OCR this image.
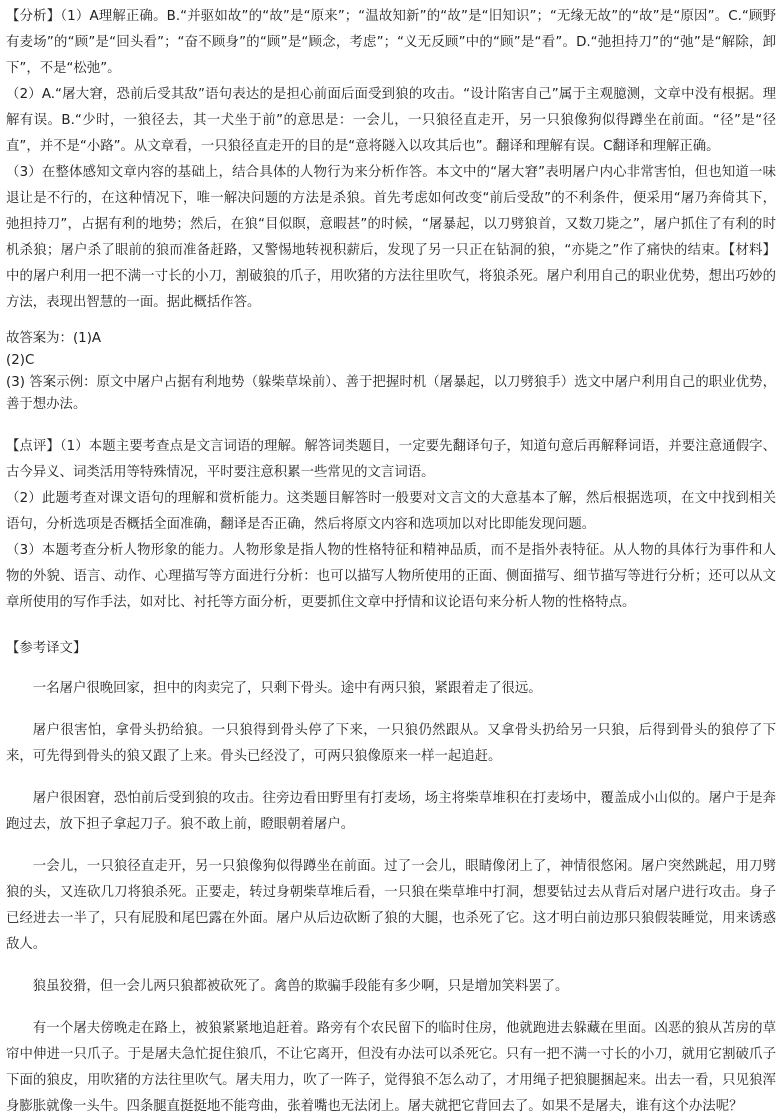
【分析】（1）A理解正确。B.“并驱如故”的“故”是“原来”；“温故知新”的“故”是“旧知识”；“无缘无故”的“故”是“原因”。C.“顾野有麦场”的“顾”是“回头看”；“奋不顾身”的“顾”是“顾念，考虑”；“义无反顾”中的“顾”是“看”。D.“弛担持刀”的“弛”是“解除，卸下”，不是“松弛”。

（2）A.“屠大窘，恐前后受其敌”语句表达的是担心前面后面受到狼的攻击。“设计陷害自己”属于主观臆测，文章中没有根据。理解有误。B.“少时，一狼径去，其一犬坐于前”的意思是：一会儿，一只狼径直走开，另一只狼像狗似得蹲坐在前面。“径”是“径直”，并不是“小路”。从文章看，一只狼径直走开的目的是“意将隧入以攻其后也”。翻译和理解有误。C翻译和理解正确。

（3）在整体感知文章内容的基础上，结合具体的人物行为来分析作答。本文中的“屠大窘”表明屠户内心非常害怕，但也知道一味退让是不行的，在这种情况下，唯一解决问题的方法是杀狼。首先考虑如何改变“前后受敌”的不利条件，便采用“屠乃奔倚其下，弛担持刀”，占据有利的地势；然后，在狼“目似瞑，意暇甚”的时候，“屠暴起，以刀劈狼首，又数刀毙之”，屠户抓住了有利的时机杀狼；屠户杀了眼前的狼而准备赶路，又警惕地转视积薪后，发现了另一只正在钻洞的狼，“亦毙之”作了痛快的结束。【材料】中的屠户利用一把不满一寸长的小刀，割破狼的爪子，用吹猪的方法往里吹气，将狼杀死。屠户利用自己的职业优势，想出巧妙的方法，表现出智慧的一面。据此概括作答。

故答案为：(1)A

(2)C

(3) 答案示例：原文中屠户占据有利地势（躲柴草垛前）、善于把握时机（屠暴起，以刀劈狼手）选文中屠户利用自己的职业优势，善于想办法。

【点评】（1）本题主要考查点是文言词语的理解。解答词类题目，一定要先翻译句子，知道句意后再解释词语，并要注意通假字、古今异义、词类活用等特殊情况，平时要注意积累一些常见的文言词语。

（2）此题考查对课文语句的理解和赏析能力。这类题目解答时一般要对文言文的大意基本了解，然后根据选项，在文中找到相关语句，分析选项是否概括全面准确，翻译是否正确，然后将原文内容和选项加以对比即能发现问题。

（3）本题考查分析人物形象的能力。人物形象是指人物的性格特征和精神品质，而不是指外表特征。从人物的具体行为事件和人物的外貌、语言、动作、心理描写等方面进行分析：也可以描写人物所使用的正面、侧面描写、细节描写等进行分析；还可以从文章所使用的写作手法，如对比、衬托等方面分析，更要抓住文章中抒情和议论语句来分析人物的性格特点。

【参考译文】

一名屠户很晚回家，担中的肉卖完了，只剩下骨头。途中有两只狼，紧跟着走了很远。

屠户很害怕，拿骨头扔给狼。一只狼得到骨头停了下来，一只狼仍然跟从。又拿骨头扔给另一只狼，后得到骨头的狼停了下来，可先得到骨头的狼又跟了上来。骨头已经没了，可两只狼像原来一样一起追赶。

屠户很困窘，恐怕前后受到狼的攻击。往旁边看田野里有打麦场，场主将柴草堆积在打麦场中，覆盖成小山似的。屠户于是奔跑过去，放下担子拿起刀子。狼不敢上前，瞪眼朝着屠户。

一会儿，一只狼径直走开，另一只狼像狗似得蹲坐在前面。过了一会儿，眼睛像闭上了，神情很悠闲。屠户突然跳起，用刀劈狼的头，又连砍几刀将狼杀死。正要走，转过身朝柴草堆后看，一只狼在柴草堆中打洞，想要钻过去从背后对屠户进行攻击。身子已经进去一半了，只有屁股和尾巴露在外面。屠户从后边砍断了狼的大腿，也杀死了它。这才明白前边那只狼假装睡觉，用来诱惑敌人。

狼虽狡猾，但一会儿两只狼都被砍死了。禽兽的欺骗手段能有多少啊，只是增加笑料罢了。

有一个屠夫傍晚走在路上，被狼紧紧地追赶着。路旁有个农民留下的临时住房，他就跑进去躲藏在里面。凶恶的狼从苫房的草帘中伸进一只爪子。于是屠夫急忙捉住狼爪，不让它离开，但没有办法可以杀死它。只有一把不满一寸长的小刀，就用它割破爪子下面的狼皮，用吹猪的方法往里吹气。屠夫用力，吹了一阵子，觉得狼不怎么动了，才用绳子把狼腿捆起来。出去一看，只见狼浑身膨胀就像一头牛。四条腿直挺挺地不能弯曲，张着嘴也无法闭上。屠夫就把它背回去了。如果不是屠夫，谁有这个办法呢？
